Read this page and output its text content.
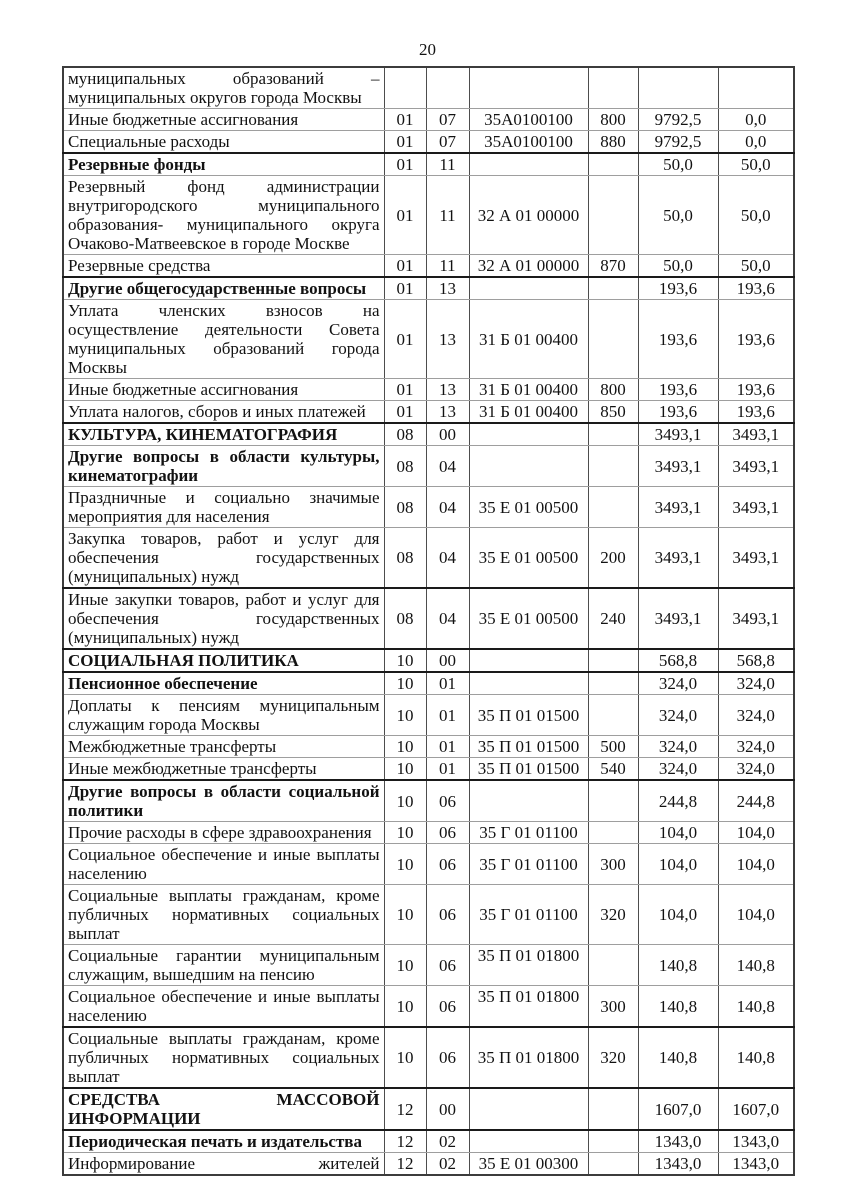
20
муниципальных образований – муниципальных округов города Москвы						
Иные бюджетные ассигнования	01	07	35А0100100	800	9792,5	0,0
Специальные расходы	01	07	35А0100100	880	9792,5	0,0
Резервные фонды	01	11			50,0	50,0
Резервный фонд администрации внутригородского муниципального образования- муниципального округа Очаково-Матвеевское в городе Москве	01	11	32 А 01 00000		50,0	50,0
Резервные средства	01	11	32 А 01 00000	870	50,0	50,0
Другие общегосударственные вопросы	01	13			193,6	193,6
Уплата членских взносов на осуществление деятельности Совета муниципальных образований города Москвы	01	13	31 Б 01 00400		193,6	193,6
Иные бюджетные ассигнования	01	13	31 Б 01 00400	800	193,6	193,6
Уплата налогов, сборов и иных платежей	01	13	31 Б 01 00400	850	193,6	193,6
КУЛЬТУРА, КИНЕМАТОГРАФИЯ	08	00			3493,1	3493,1
Другие вопросы в области культуры, кинематографии	08	04			3493,1	3493,1
Праздничные и социально значимые мероприятия для населения	08	04	35 Е 01 00500		3493,1	3493,1
Закупка товаров, работ и услуг для обеспечения государственных (муниципальных) нужд	08	04	35 Е 01 00500	200	3493,1	3493,1
Иные закупки товаров, работ и услуг для обеспечения государственных (муниципальных) нужд	08	04	35 Е 01 00500	240	3493,1	3493,1
СОЦИАЛЬНАЯ ПОЛИТИКА	10	00			568,8	568,8
Пенсионное обеспечение	10	01			324,0	324,0
Доплаты к пенсиям муниципальным служащим города Москвы	10	01	35 П 01 01500		324,0	324,0
Межбюджетные трансферты	10	01	35 П 01 01500	500	324,0	324,0
Иные межбюджетные трансферты	10	01	35 П 01 01500	540	324,0	324,0
Другие вопросы в области социальной политики	10	06			244,8	244,8
Прочие расходы в сфере здравоохранения	10	06	35 Г 01 01100		104,0	104,0
Социальное обеспечение и иные выплаты населению	10	06	35 Г 01 01100	300	104,0	104,0
Социальные выплаты гражданам, кроме публичных нормативных социальных выплат	10	06	35 Г 01 01100	320	104,0	104,0
Социальные гарантии муниципальным служащим, вышедшим на пенсию	10	06	35 П 01 01800		140,8	140,8
Социальное обеспечение и иные выплаты населению	10	06	35 П 01 01800	300	140,8	140,8
Социальные выплаты гражданам, кроме публичных нормативных социальных выплат	10	06	35 П 01 01800	320	140,8	140,8
СРЕДСТВА МАССОВОЙ ИНФОРМАЦИИ	12	00			1607,0	1607,0
Периодическая печать и издательства	12	02			1343,0	1343,0
Информирование жителей	12	02	35 Е 01 00300		1343,0	1343,0
